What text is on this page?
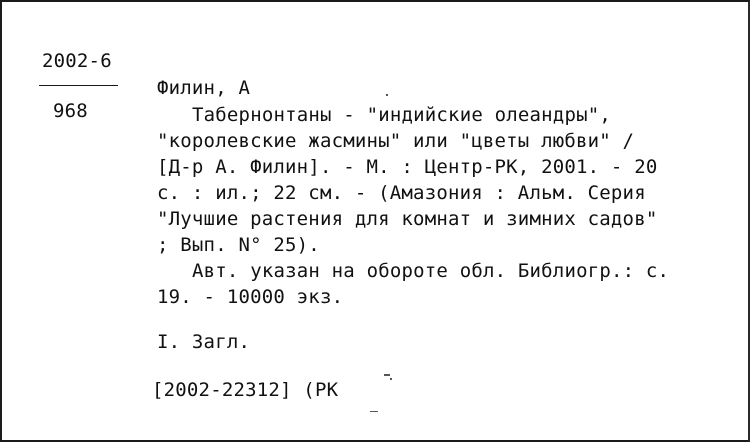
2002-6
968
Филин, А
Табернонтаны - "индийские олеандры",
"королевские жасмины" или "цветы любви" /
[Д-р А. Филин]. - М. : Центр-РК, 2001. - 20
с. : ил.; 22 см. - (Амазония : Альм. Серия
"Лучшие растения для комнат и зимних садов"
; Вып. N° 25).
Авт. указан на обороте обл. Библиогр.: с.
19. - 10000 экз.
I. Загл.
[2002-22312] (РК
